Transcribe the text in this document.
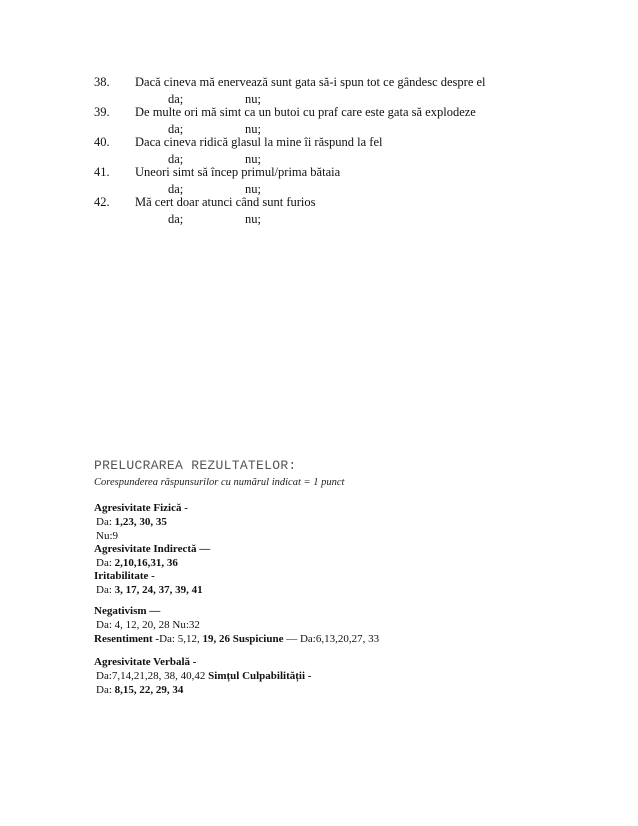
38. Dacă cineva mă enervează sunt gata să-i spun tot ce gândesc despre el
da;	nu;
39. De multe ori mă simt ca un butoi cu praf care este gata să explodeze
da;	nu;
40. Daca cineva ridică glasul la mine îi răspund la fel
da;	nu;
41. Uneori simt să încep primul/prima bătaia
da;	nu;
42. Mă cert doar atunci când sunt furios
da;	nu;
PRELUCRAREA REZULTATELOR:
Corespunderea răspunsurilor cu numărul indicat = 1 punct
Agresivitate Fizică -
Da: 1,23, 30, 35
Nu:9
Agresivitate Indirectă —
Da: 2,10,16,31, 36
Iritabilitate -
Da: 3, 17, 24, 37, 39, 41
Negativism —
Da: 4, 12, 20, 28 Nu:32
Resentiment -Da: 5,12, 19, 26 Suspiciune — Da:6,13,20,27, 33
Agresivitate Verbală -
Da:7,14,21,28, 38, 40,42 Simțul Culpabilității -
Da: 8,15, 22, 29, 34
